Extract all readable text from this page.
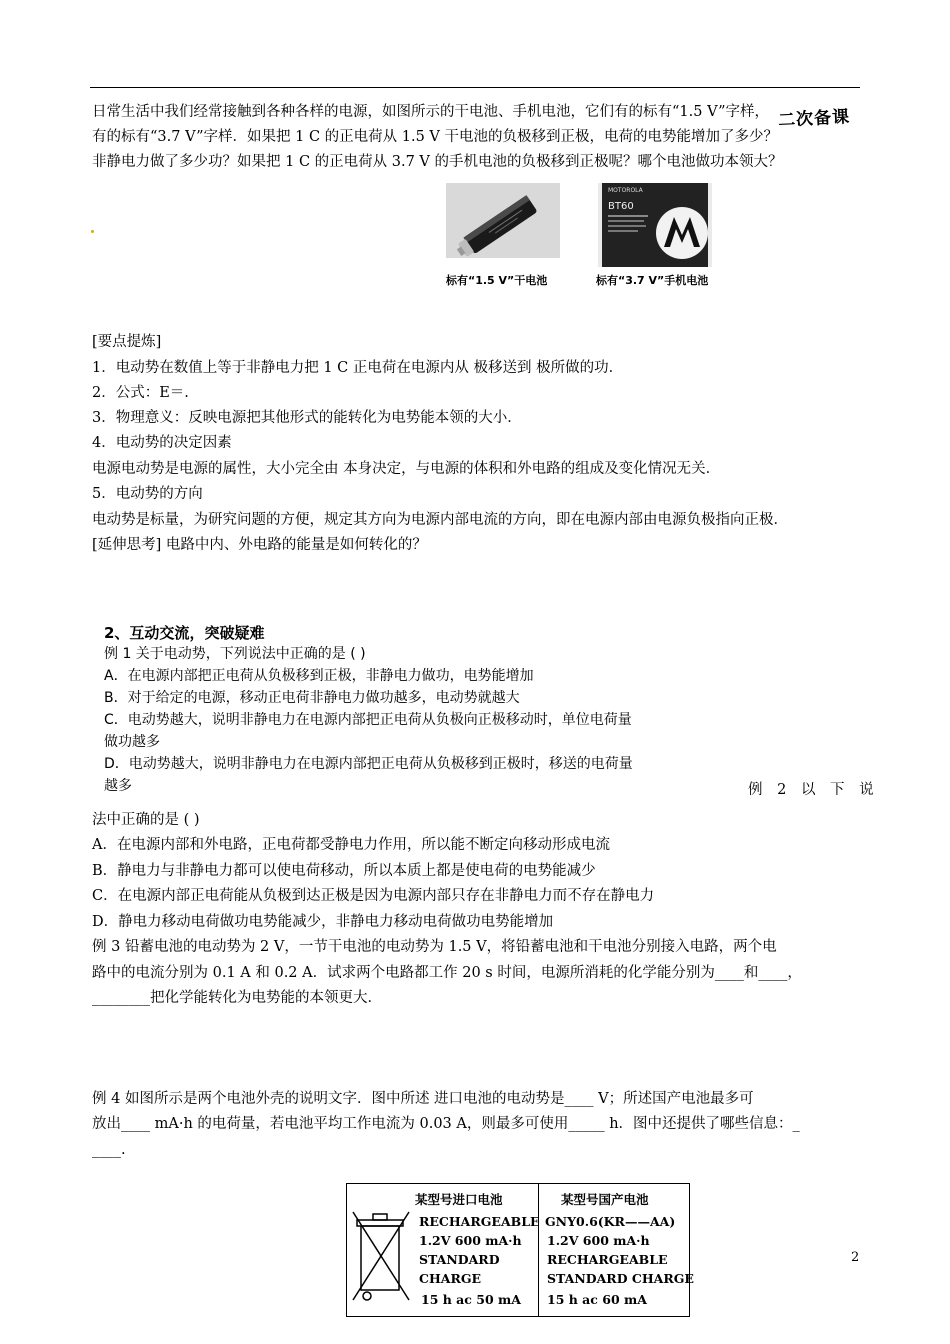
二次备课
日常生活中我们经常接触到各种各样的电源，如图所示的干电池、手机电池，它们有的标有“1.5 V”字样，
有的标有“3.7 V”字样．如果把 1 C 的正电荷从 1.5 V 干电池的负极移到正极，电荷的电势能增加了多少？
非静电力做了多少功？如果把 1 C 的正电荷从 3.7 V 的手机电池的负极移到正极呢？哪个电池做功本领大？
MOTOROLA
BT60
标有“1.5 V”干电池	标有“3.7 V”手机电池
[要点提炼]
1．电动势在数值上等于非静电力把 1 C 正电荷在电源内从 极移送到 极所做的功．
2．公式：E＝.
3．物理意义：反映电源把其他形式的能转化为电势能本领的大小．
4．电动势的决定因素
电源电动势是电源的属性，大小完全由 本身决定，与电源的体积和外电路的组成及变化情况无关．
5．电动势的方向
电动势是标量，为研究问题的方便，规定其方向为电源内部电流的方向，即在电源内部由电源负极指向正极．
[延伸思考] 电路中内、外电路的能量是如何转化的？
2、互动交流，突破疑难
例 1 关于电动势，下列说法中正确的是 ( )
A．在电源内部把正电荷从负极移到正极，非静电力做功，电势能增加
B．对于给定的电源，移动正电荷非静电力做功越多，电动势就越大
C．电动势越大，说明非静电力在电源内部把正电荷从负极向正极移动时，单位电荷量
做功越多
D．电动势越大，说明非静电力在电源内部把正电荷从负极移到正极时，移送的电荷量
越多	例 2 以 下 说
法中正确的是 ( )
A．在电源内部和外电路，正电荷都受静电力作用，所以能不断定向移动形成电流
B．静电力与非静电力都可以使电荷移动，所以本质上都是使电荷的电势能减少
C．在电源内部正电荷能从负极到达正极是因为电源内部只存在非静电力而不存在静电力
D．静电力移动电荷做功电势能减少，非静电力移动电荷做功电势能增加
例 3 铅蓄电池的电动势为 2 V，一节干电池的电动势为 1.5 V，将铅蓄电池和干电池分别接入电路，两个电
路中的电流分别为 0.1 A 和 0.2 A．试求两个电路都工作 20 s 时间，电源所消耗的化学能分别为____和____，
________把化学能转化为电势能的本领更大．
例 4 如图所示是两个电池外壳的说明文字．图中所述 进口电池的电动势是____ V；所述国产电池最多可
放出____ mA·h 的电荷量，若电池平均工作电流为 0.03 A，则最多可使用_____ h．图中还提供了哪些信息：_
____.
某型号进口电池
RECHARGEABLE
1.2V 600 mA·h
STANDARD
CHARGE
15 h ac 50 mA
某型号国产电池
GNY0.6(KR——AA)
1.2V 600 mA·h
RECHARGEABLE
STANDARD CHARGE
15 h ac 60 mA
2
